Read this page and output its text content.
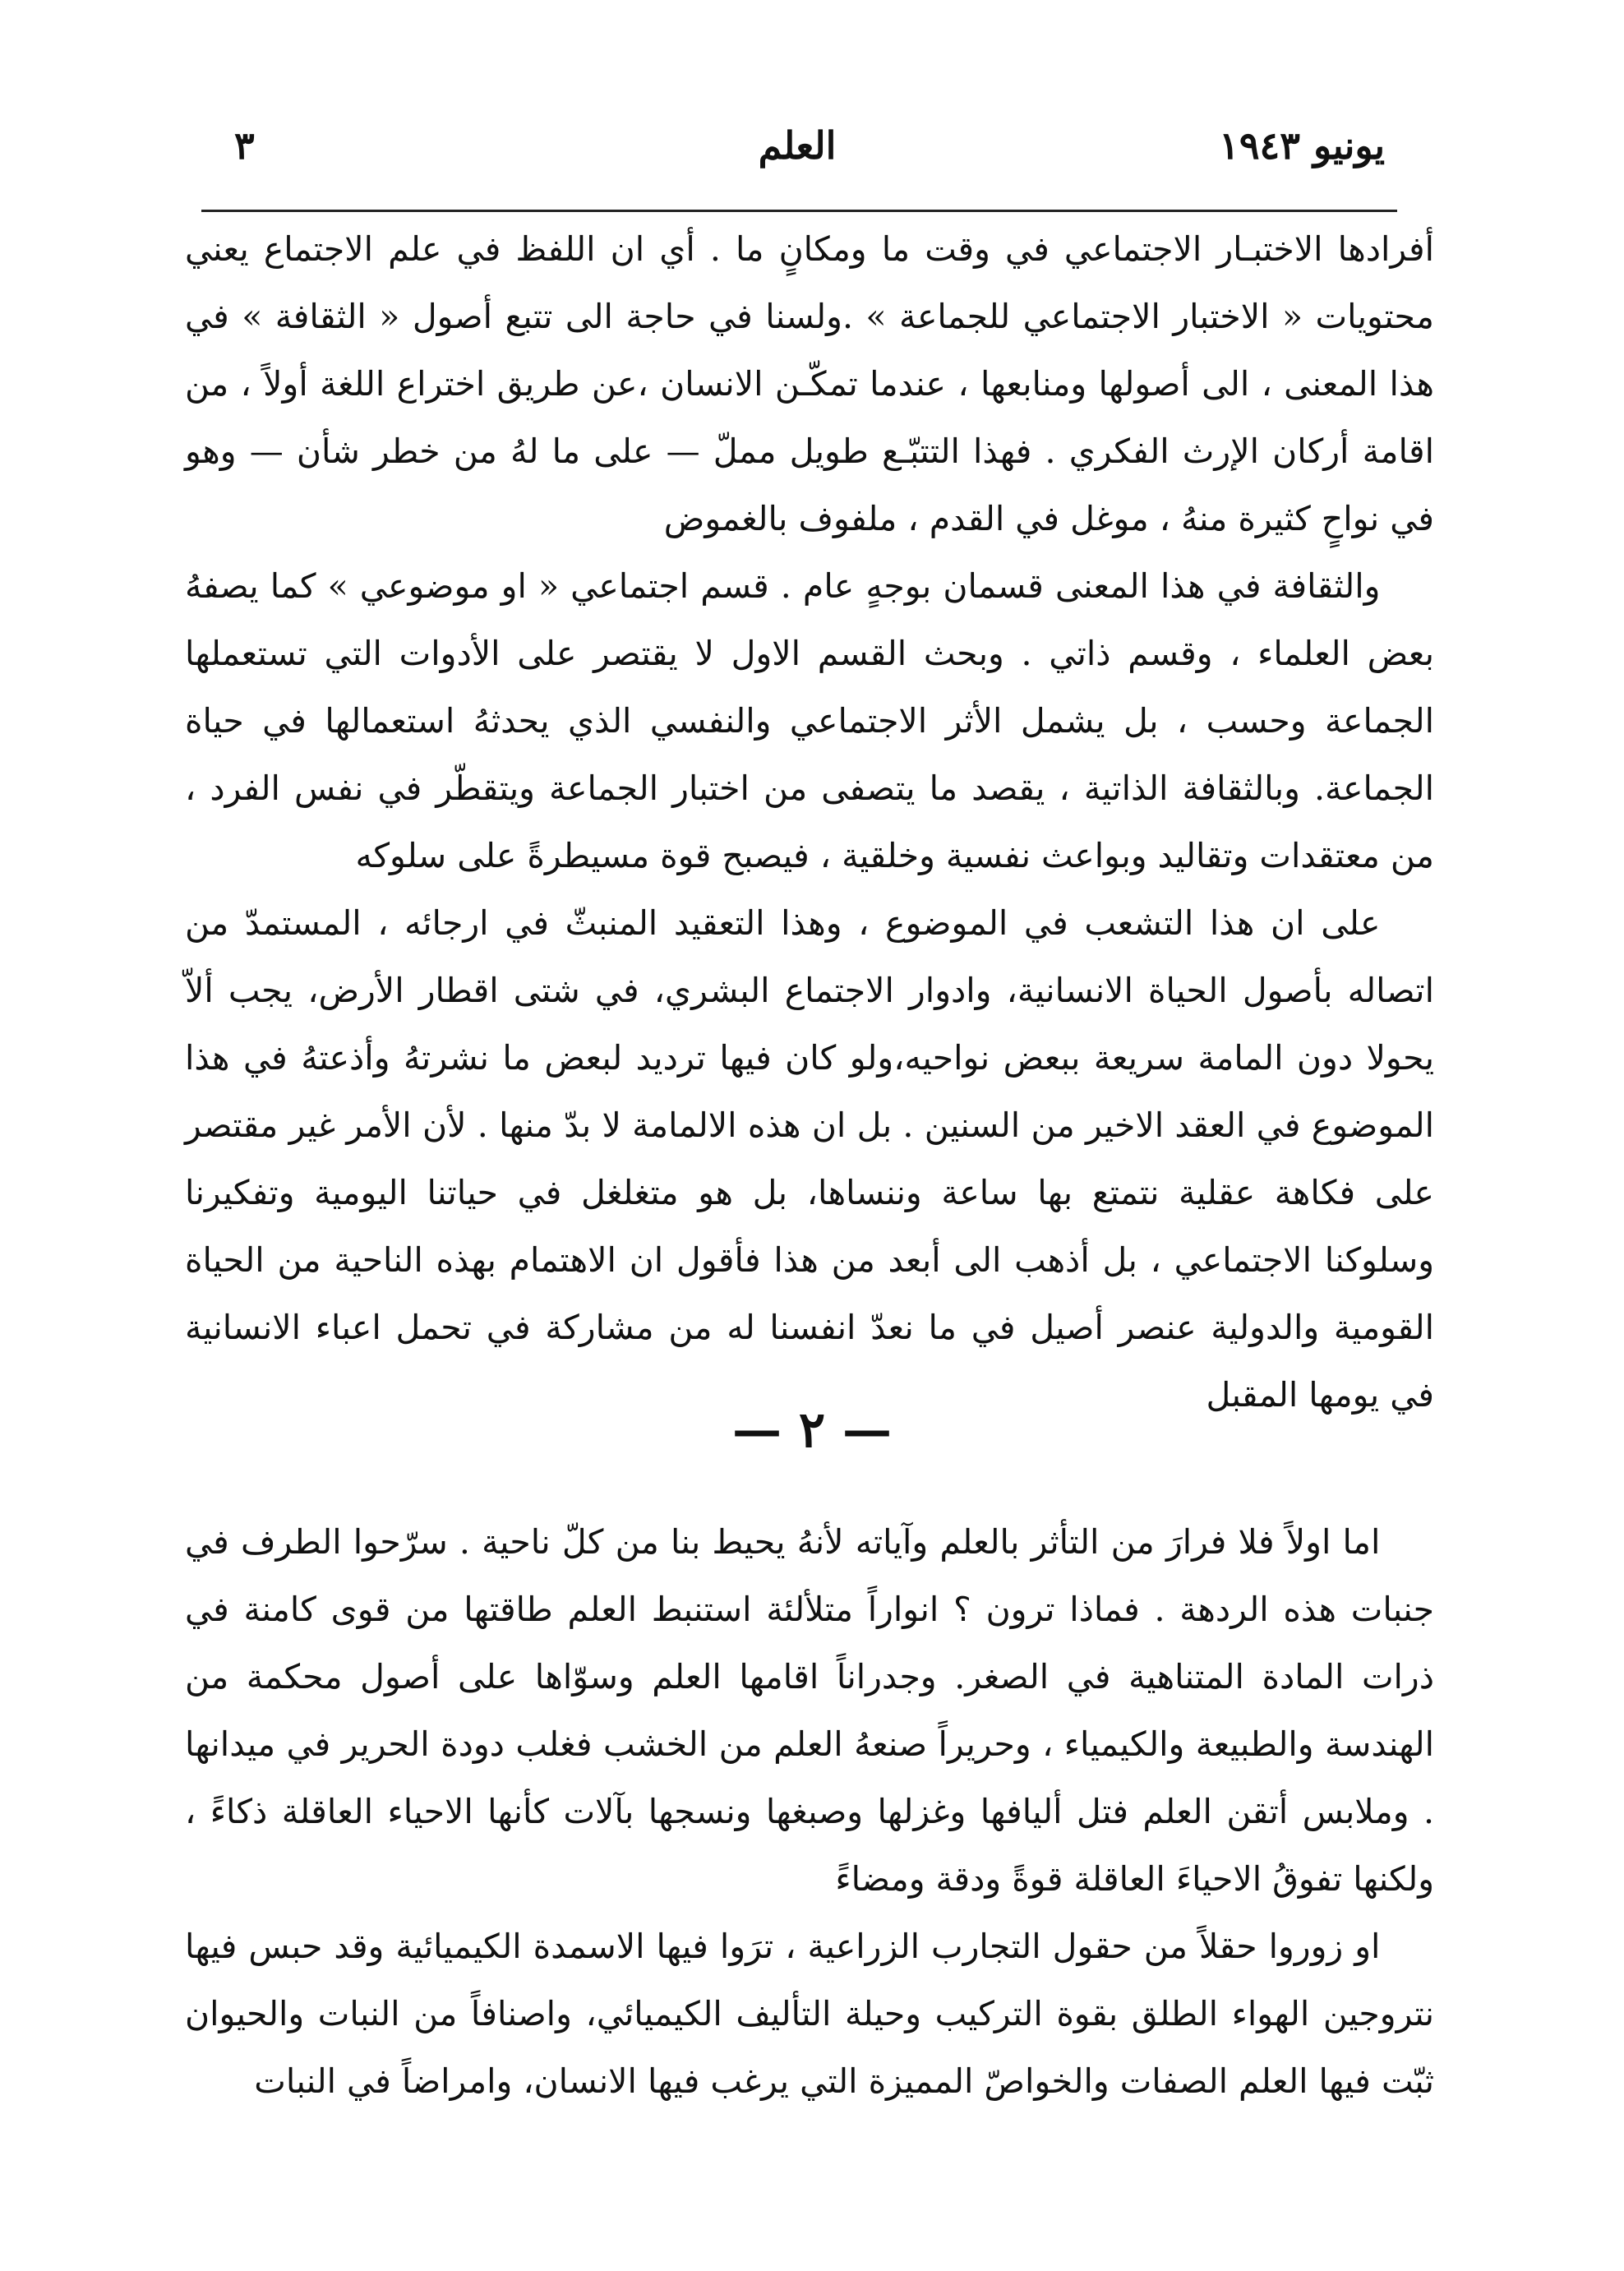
يونيو ١٩٤٣
العلم
٣

أفرادها الاختبـار الاجتماعي في وقت ما ومكانٍ ما . أي ان اللفظ في علم الاجتماع يعني محتويات « الاختبار الاجتماعي للجماعة » .ولسنا في حاجة الى تتبع أصول « الثقافة » في هذا المعنى ، الى أصولها ومنابعها ، عندما تمكّـن الانسان ،عن طريق اختراع اللغة أولاً ، من اقامة أركان الإرث الفكري . فهذا التتبّـع طويل مملّ — على ما لهُ من خطر شأن — وهو في نواحٍ كثيرة منهُ ، موغل في القدم ، ملفوف بالغموض

والثقافة في هذا المعنى قسمان بوجهٍ عام . قسم اجتماعي « او موضوعي » كما يصفهُ بعض العلماء ، وقسم ذاتي . وبحث القسم الاول لا يقتصر على الأدوات التي تستعملها الجماعة وحسب ، بل يشمل الأثر الاجتماعي والنفسي الذي يحدثهُ استعمالها في حياة الجماعة. وبالثقافة الذاتية ، يقصد ما يتصفى من اختبار الجماعة ويتقطّر في نفس الفرد ، من معتقدات وتقاليد وبواعث نفسية وخلقية ، فيصبح قوة مسيطرةً على سلوكه

على ان هذا التشعب في الموضوع ، وهذا التعقيد المنبثّ في ارجائه ، المستمدّ من اتصاله بأصول الحياة الانسانية، وادوار الاجتماع البشري، في شتى اقطار الأرض، يجب ألاّ يحولا دون المامة سريعة ببعض نواحيه،ولو كان فيها ترديد لبعض ما نشرتهُ وأذعتهُ في هذا الموضوع في العقد الاخير من السنين . بل ان هذه الالمامة لا بدّ منها . لأن الأمر غير مقتصر على فكاهة عقلية نتمتع بها ساعة وننساها، بل هو متغلغل في حياتنا اليومية وتفكيرنا وسلوكنا الاجتماعي ، بل أذهب الى أبعد من هذا فأقول ان الاهتمام بهذه الناحية من الحياة القومية والدولية عنصر أصيل في ما نعدّ انفسنا له من مشاركة في تحمل اعباء الانسانية في يومها المقبل

— ٢ —

اما اولاً فلا فرارَ من التأثر بالعلم وآياته لأنهُ يحيط بنا من كلّ ناحية . سرّحوا الطرف في جنبات هذه الردهة . فماذا ترون ؟ انواراً متلألئة استنبط العلم طاقتها من قوى كامنة في ذرات المادة المتناهية في الصغر. وجدراناً اقامها العلم وسوّاها على أصول محكمة من الهندسة والطبيعة والكيمياء ، وحريراً صنعهُ العلم من الخشب فغلب دودة الحرير في ميدانها . وملابس أتقن العلم فتل أليافها وغزلها وصبغها ونسجها بآلات كأنها الاحياء العاقلة ذكاءً ، ولكنها تفوقُ الاحياءَ العاقلة قوةً ودقة ومضاءً

او زوروا حقلاً من حقول التجارب الزراعية ، ترَوا فيها الاسمدة الكيميائية وقد حبس فيها نتروجين الهواء الطلق بقوة التركيب وحيلة التأليف الكيميائي، واصنافاً من النبات والحيوان ثبّت فيها العلم الصفات والخواصّ المميزة التي يرغب فيها الانسان، وامراضاً في النبات
